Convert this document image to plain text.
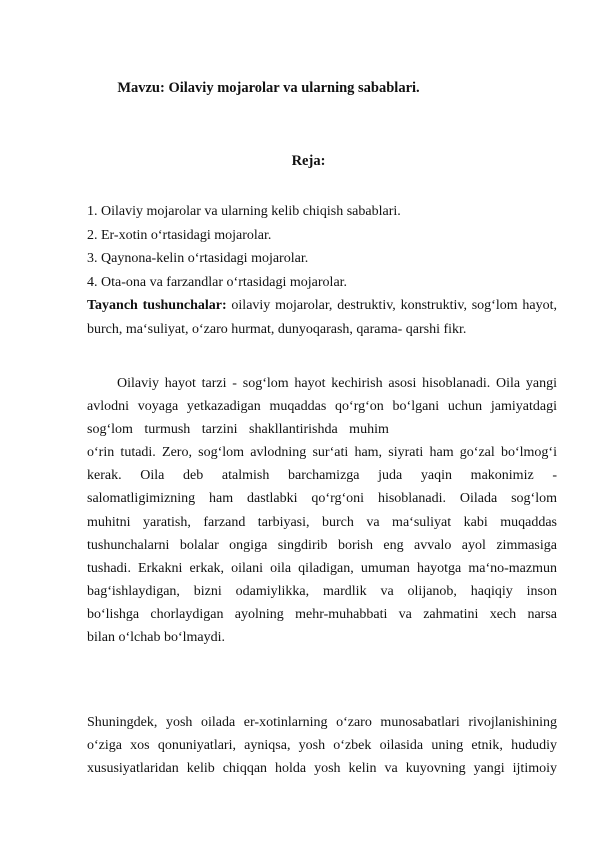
Mavzu: Oilaviy mojarolar va ularning sabablari.
Reja:
1. Oilaviy mojarolar va ularning kelib chiqish sabablari.
2. Er-xotin o‘rtasidagi mojarolar.
3. Qaynona-kelin o‘rtasidagi mojarolar.
4. Ota-ona va farzandlar o‘rtasidagi mojarolar.
Tayanch tushunchalar: oilaviy mojarolar, destruktiv, konstruktiv, sog‘lom hayot, burch, ma‘suliyat, o‘zaro hurmat, dunyoqarash, qarama- qarshi fikr.
Oilaviy hayot tarzi - sog‘lom hayot kechirish asosi hisoblanadi. Oila yangi
avlodni voyaga yetkazadigan muqaddas qo‘rg‘on bo‘lgani uchun jamiyatdagi
sog‘lom turmush tarzini shakllantirishda muhim
o‘rin tutadi. Zero, sog‘lom avlodning sur‘ati ham, siyrati ham go‘zal bo‘lmog‘i
kerak. Oila deb atalmish barchamizga juda yaqin makonimiz -
salomatligimizning ham dastlabki qo‘rg‘oni hisoblanadi. Oilada sog‘lom
muhitni yaratish, farzand tarbiyasi, burch va ma‘suliyat kabi muqaddas
tushunchalarni bolalar ongiga singdirib borish eng avvalo ayol zimmasiga
tushadi. Erkakni erkak, oilani oila qiladigan, umuman hayotga ma‘no-mazmun
bag‘ishlaydigan, bizni odamiylikka, mardlik va olijanob, haqiqiy inson
bo‘lishga chorlaydigan ayolning mehr-muhabbati va zahmatini xech narsa
bilan o‘lchab bo‘lmaydi.
Shuningdek, yosh oilada er-xotinlarning o‘zaro munosabatlari rivojlanishining
o‘ziga xos qonuniyatlari, ayniqsa, yosh o‘zbek oilasida uning etnik, hududiy
xususiyatlaridan kelib chiqqan holda yosh kelin va kuyovning yangi ijtimoiy
